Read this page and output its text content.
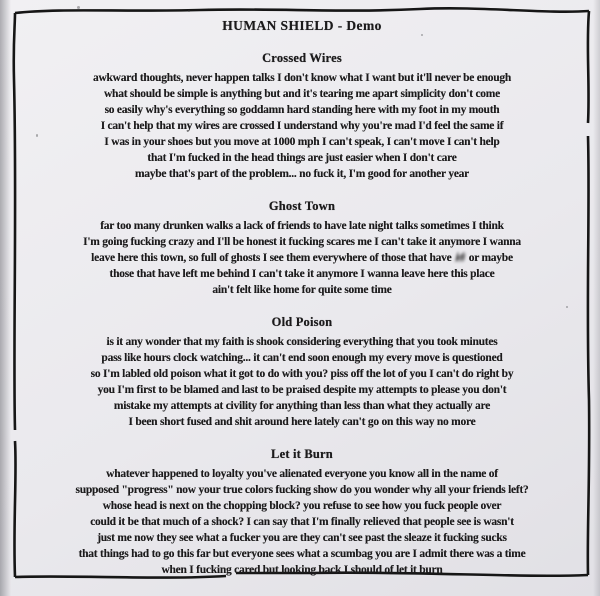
HUMAN SHIELD - Demo
Crossed Wires
awkward thoughts, never happen talks I don't know what I want but it'll never be enough
what should be simple is anything but and it's tearing me apart simplicity don't come
so easily why's everything so goddamn hard standing here with my foot in my mouth
I can't help that my wires are crossed I understand why you're mad I'd feel the same if
I was in your shoes but you move at 1000 mph I can't speak, I can't move I can't help
that I'm fucked in the head things are just easier when I don't care
maybe that's part of the problem... no fuck it, I'm good for another year
Ghost Town
far too many drunken walks a lack of friends to have late night talks sometimes I think
I'm going fucking crazy and I'll be honest it fucking scares me I can't take it anymore I wanna
leave here this town, so full of ghosts I see them everywhere of those that have left or maybe
those that have left me behind I can't take it anymore I wanna leave here this place
ain't felt like home for quite some time
Old Poison
is it any wonder that my faith is shook considering everything that you took minutes
pass like hours clock watching... it can't end soon enough my every move is questioned
so I'm labled old poison what it got to do with you? piss off the lot of you I can't do right by
you I'm first to be blamed and last to be praised despite my attempts to please you don't
mistake my attempts at civility for anything than less than what they actually are
I been short fused and shit around here lately can't go on this way no more
Let it Burn
whatever happened to loyalty you've alienated everyone you know all in the name of
supposed "progress" now your true colors fucking show do you wonder why all your friends left?
whose head is next on the chopping block? you refuse to see how you fuck people over
could it be that much of a shock? I can say that I'm finally relieved that people see is wasn't
just me now they see what a fucker you are they can't see past the sleaze it fucking sucks
that things had to go this far but everyone sees what a scumbag you are I admit there was a time
when I fucking cared but looking back I should of let it burn
